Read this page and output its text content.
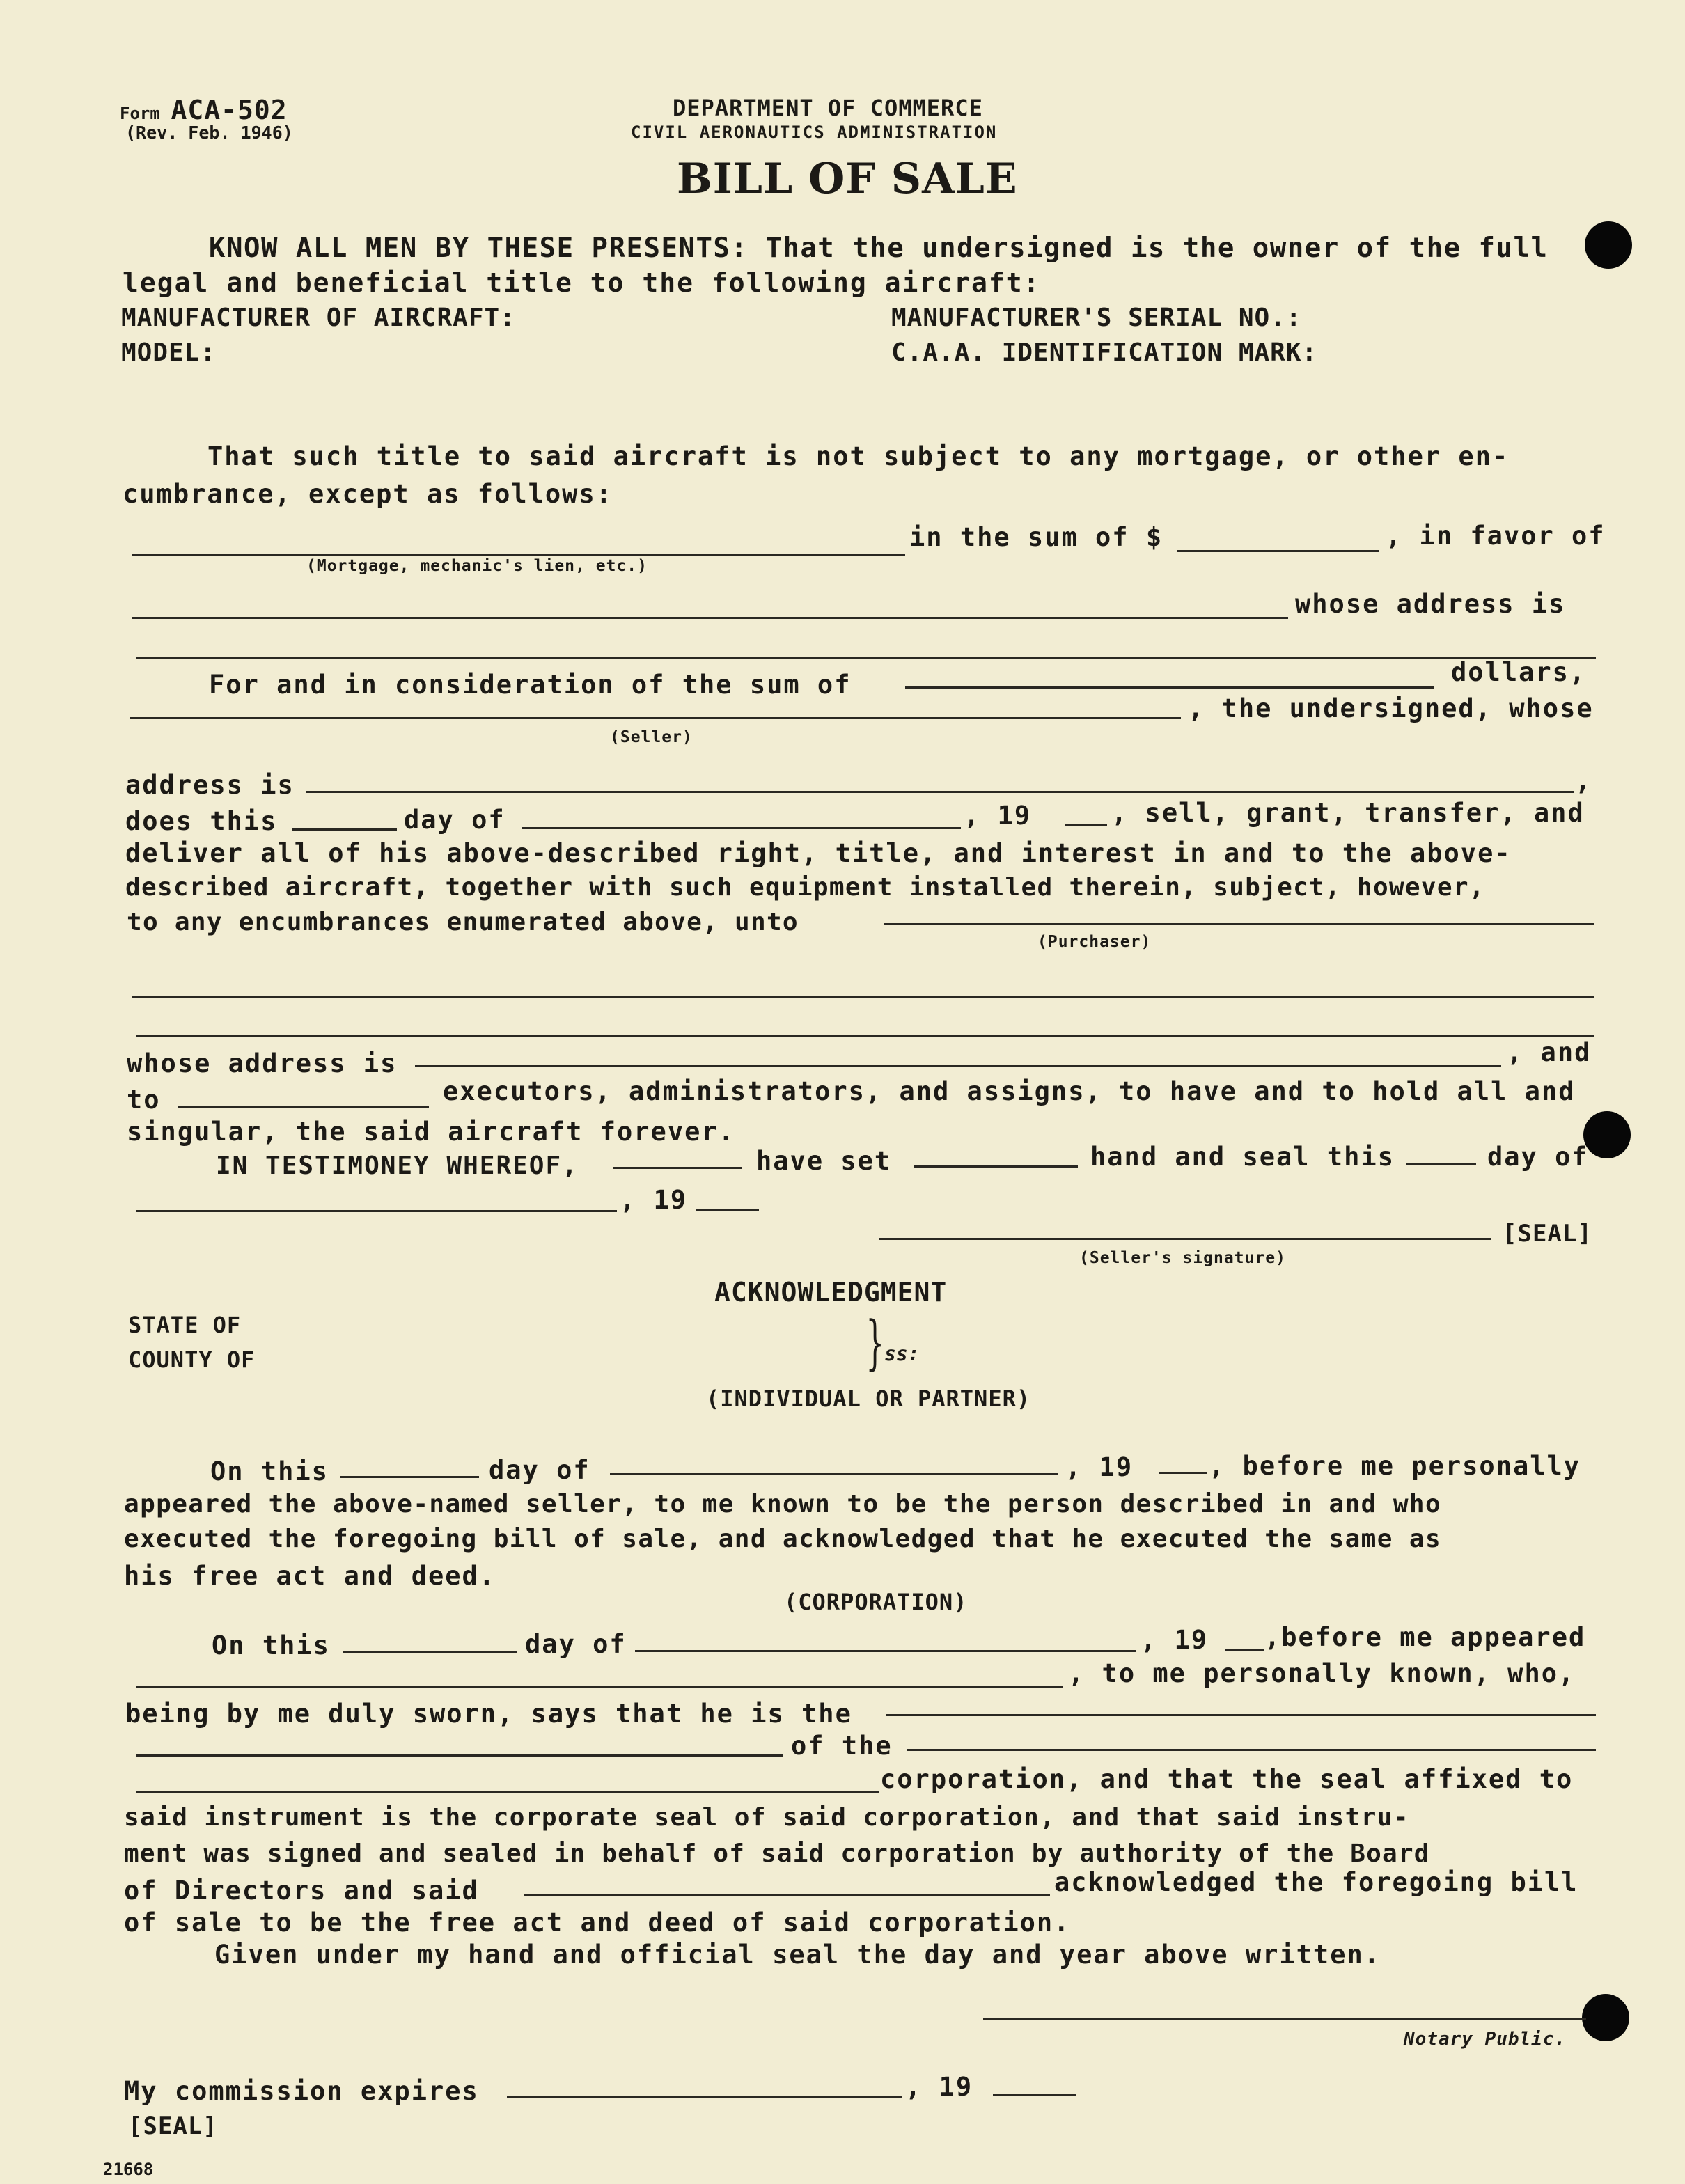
Form ACA-502
(Rev. Feb. 1946)
DEPARTMENT OF COMMERCE
CIVIL AERONAUTICS ADMINISTRATION
BILL OF SALE
KNOW ALL MEN BY THESE PRESENTS: That the undersigned is the owner of the full
legal and beneficial title to the following aircraft:
MANUFACTURER OF AIRCRAFT:	MANUFACTURER'S SERIAL NO.:
MODEL:	C.A.A. IDENTIFICATION MARK:
That such title to said aircraft is not subject to any mortgage, or other en-
cumbrance, except as follows:
in the sum of $	, in favor of
(Mortgage, mechanic's lien, etc.)
whose address is
For and in consideration of the sum of	dollars,
, the undersigned, whose
(Seller)
address is	,
does this	day of	, 19	, sell, grant, transfer, and
deliver all of his above-described right, title, and interest in and to the above-
described aircraft, together with such equipment installed therein, subject, however,
to any encumbrances enumerated above, unto
(Purchaser)
whose address is	, and
to	executors, administrators, and assigns, to have and to hold all and
singular, the said aircraft forever.
IN TESTIMONEY WHEREOF,	have set	hand and seal this	day of
, 19
[SEAL]
(Seller's signature)
ACKNOWLEDGMENT
STATE OF
COUNTY OF	} ss:
(INDIVIDUAL OR PARTNER)
On this	day of	, 19	, before me personally
appeared the above-named seller, to me known to be the person described in and who
executed the foregoing bill of sale, and acknowledged that he executed the same as
his free act and deed.
(CORPORATION)
On this	day of	, 19 ,before me appeared
, to me personally known, who,
being by me duly sworn, says that he is the
of the
corporation, and that the seal affixed to
said instrument is the corporate seal of said corporation, and that said instru-
ment was signed and sealed in behalf of said corporation by authority of the Board
of Directors and said	acknowledged the foregoing bill
of sale to be the free act and deed of said corporation.
Given under my hand and official seal the day and year above written.
Notary Public.
My commission expires	, 19
[SEAL]
21668
